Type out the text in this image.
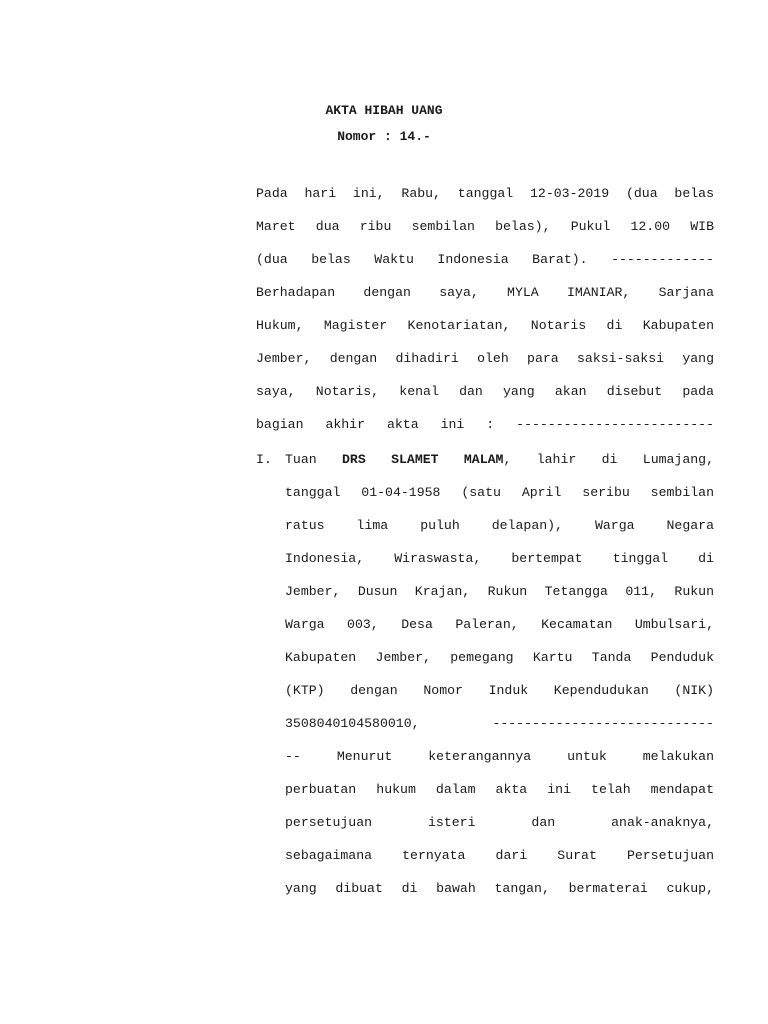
AKTA HIBAH UANG
Nomor : 14.-
Pada hari ini, Rabu, tanggal 12-03-2019 (dua belas
Maret dua ribu sembilan belas), Pukul 12.00 WIB
(dua belas Waktu Indonesia Barat). -------------
Berhadapan dengan saya, MYLA IMANIAR, Sarjana
Hukum, Magister Kenotariatan, Notaris di Kabupaten
Jember, dengan dihadiri oleh para saksi-saksi yang
saya, Notaris, kenal dan yang akan disebut pada
bagian akhir akta ini : -------------------------
I. Tuan DRS SLAMET MALAM, lahir di Lumajang,
tanggal 01-04-1958 (satu April seribu sembilan
ratus lima puluh delapan), Warga Negara
Indonesia, Wiraswasta, bertempat tinggal di
Jember, Dusun Krajan, Rukun Tetangga 011, Rukun
Warga 003, Desa Paleran, Kecamatan Umbulsari,
Kabupaten Jember, pemegang Kartu Tanda Penduduk
(KTP) dengan Nomor Induk Kependudukan (NIK)
3508040104580010, ----------------------------
-- Menurut keterangannya untuk melakukan
perbuatan hukum dalam akta ini telah mendapat
persetujuan isteri dan anak-anaknya,
sebagaimana ternyata dari Surat Persetujuan
yang dibuat di bawah tangan, bermaterai cukup,
